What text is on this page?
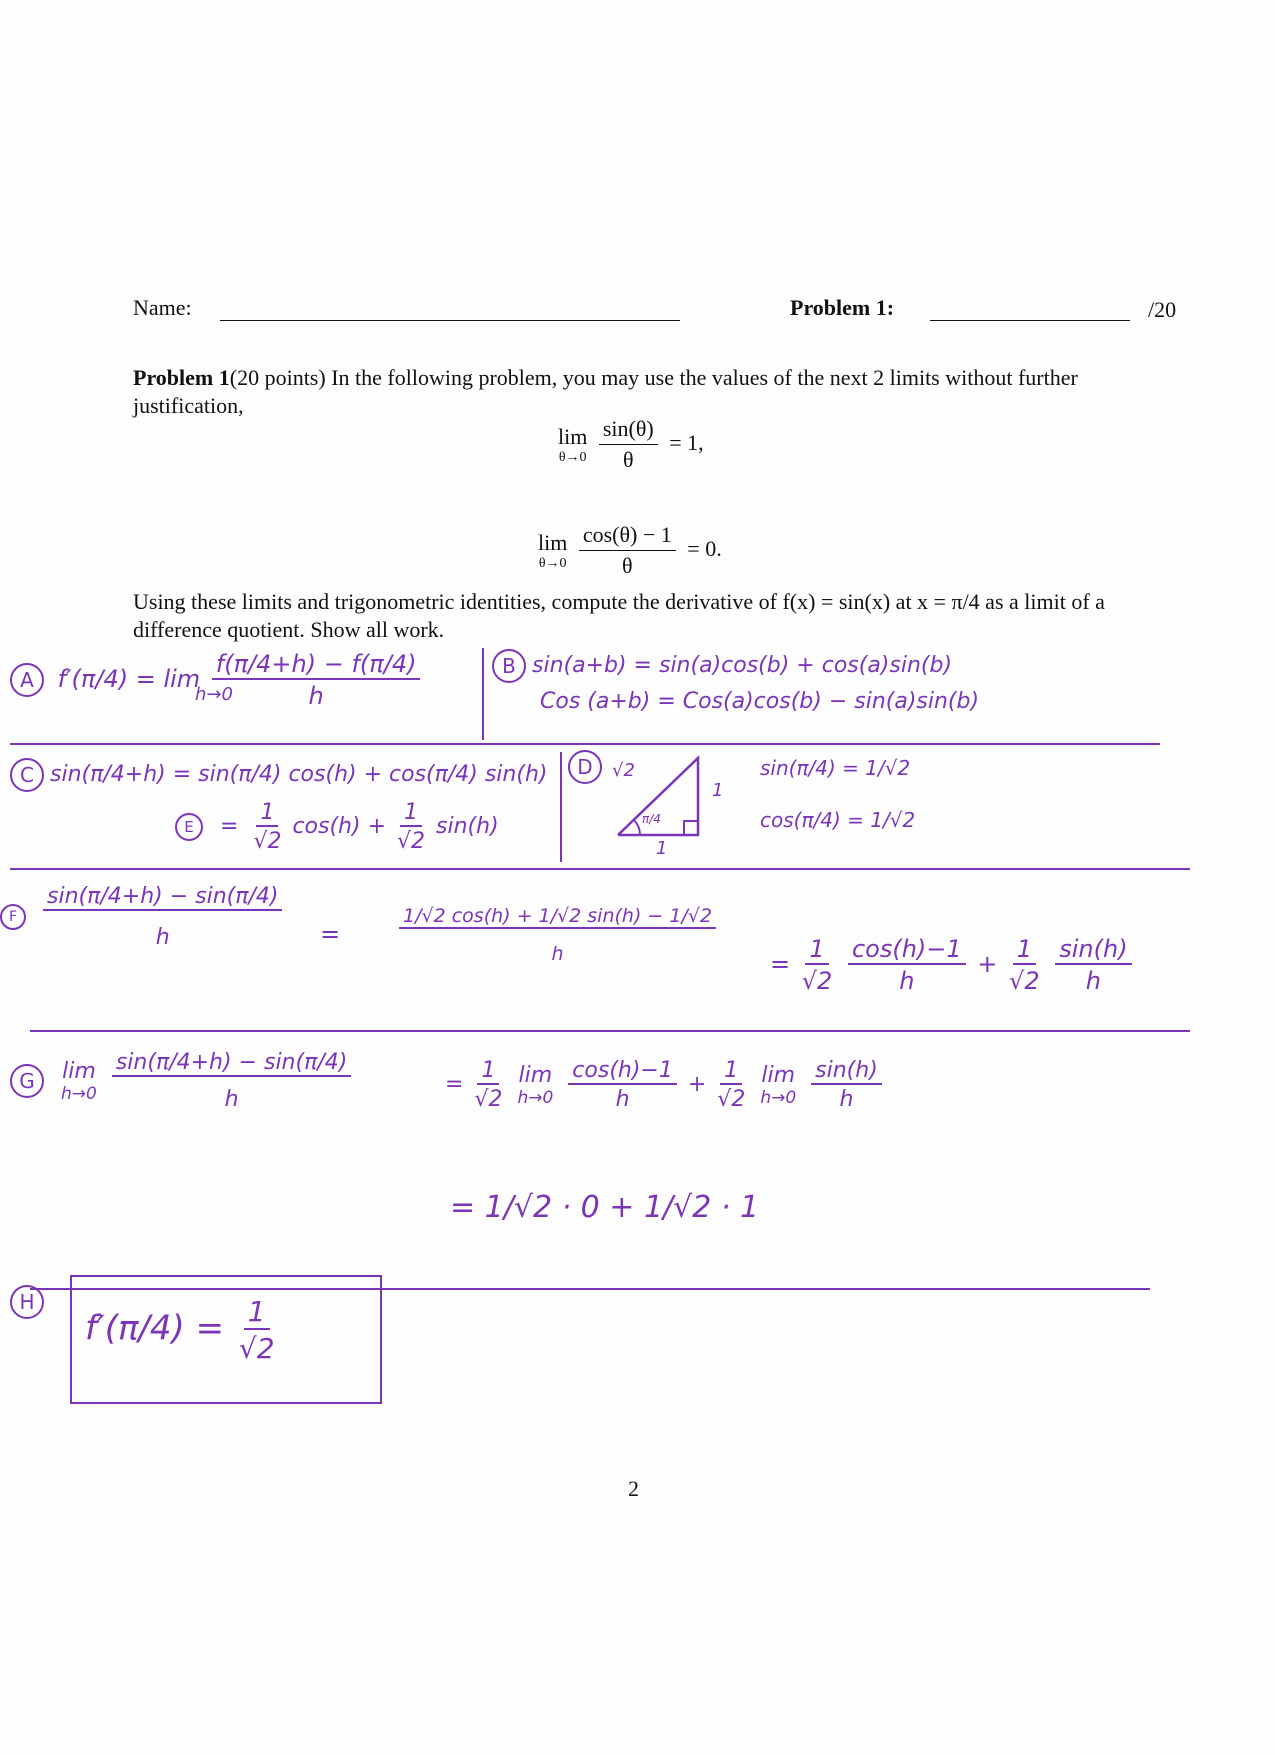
Name:	Problem 1:	/20
Problem 1(20 points) In the following problem, you may use the values of the next 2 limits without further justification,
lim
θ→0
$\frac{\sin(\theta)}{\theta} = 1$,
lim
θ→0
$\frac{\cos(\theta) - 1}{\theta} = 0$.
Using these limits and trigonometric identities, compute the derivative of f(x) = sin(x) at x = π/4 as a limit of a difference quotient. Show all work.
A $f'(\pi/4) = \lim \frac{f(\pi/4+h) - f(\pi/4)}{h}$
h→0
B sin(a+b) = sin(a)cos(b) + cos(a)sin(b)
Cos (a+b) = Cos(a)cos(b) − sin(a)sin(b)
C sin(π/4+h) = sin(π/4) cos(h) + cos(π/4) sin(h)
$E = \frac{1}{√2} \cos(h) + \frac{1}{√2} \sin(h)$
D	√2
1
1
π/4
sin(π/4) = 1/√2
cos(π/4) = 1/√2
F $\frac{\sin(\pi/4+h) - \sin(\pi/4)}{h}$ =	$\frac{1/√2 \cos(h) + 1/√2 \sin(h) - 1/√2}{h} = \frac{1}{√2}$
$\frac{\cos(h)-1}{h} + \frac{1}{√2}$
$\frac{\sin(h)}{h}$
G lim
h→0
$\frac{\sin(\pi/4+h) - \sin(\pi/4)}{h}$	= $\frac{1}{√2}$
lim
h→0
$\frac{\cos(h)-1}{h} + \frac{1}{√2}$
lim
h→0
$\frac{\sin(h)}{h}$
= 1/√2 · 0 + 1/√2 · 1
H
$f'(\pi/4) = \frac{1}{√2}$
2
